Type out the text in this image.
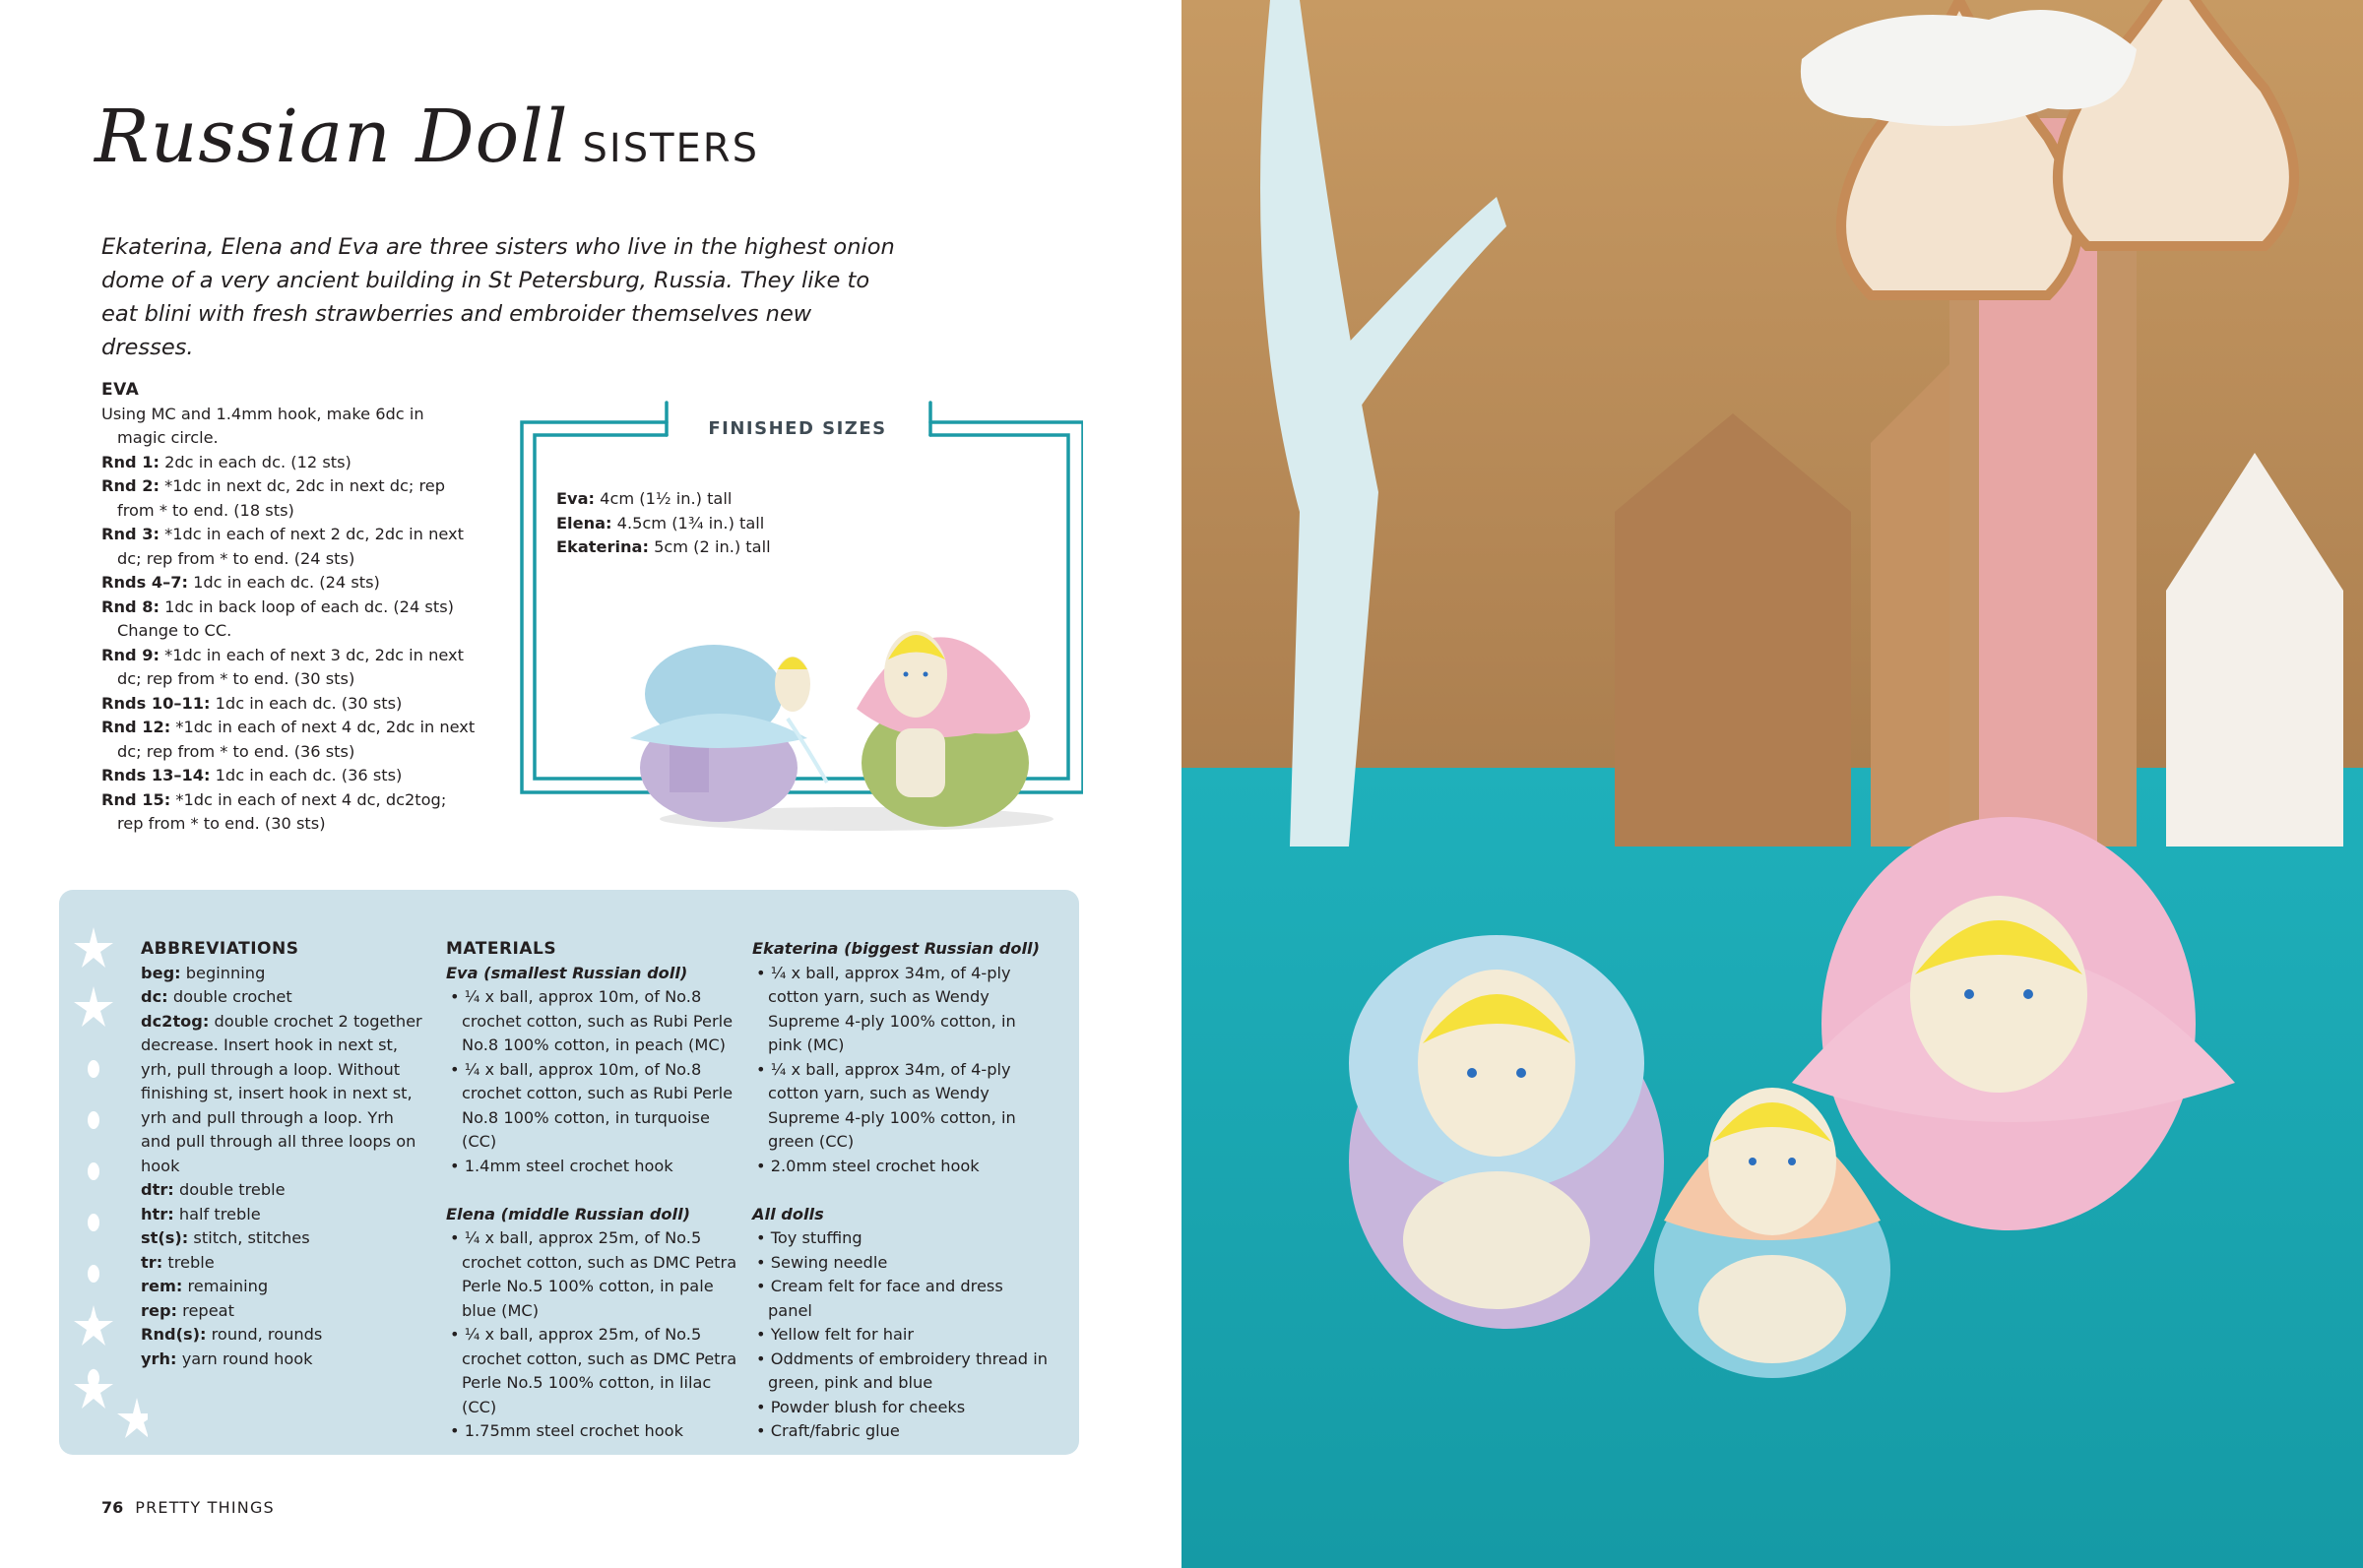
Russian Doll SISTERS
Ekaterina, Elena and Eva are three sisters who live in the highest onion dome of a very ancient building in St Petersburg, Russia. They like to eat blini with fresh strawberries and embroider themselves new dresses.
EVA
Using MC and 1.4mm hook, make 6dc in magic circle.
Rnd 1: 2dc in each dc. (12 sts)
Rnd 2: *1dc in next dc, 2dc in next dc; rep from * to end. (18 sts)
Rnd 3: *1dc in each of next 2 dc, 2dc in next dc; rep from * to end. (24 sts)
Rnds 4–7: 1dc in each dc. (24 sts)
Rnd 8: 1dc in back loop of each dc. (24 sts) Change to CC.
Rnd 9: *1dc in each of next 3 dc, 2dc in next dc; rep from * to end. (30 sts)
Rnds 10–11: 1dc in each dc. (30 sts)
Rnd 12: *1dc in each of next 4 dc, 2dc in next dc; rep from * to end. (36 sts)
Rnds 13–14: 1dc in each dc. (36 sts)
Rnd 15: *1dc in each of next 4 dc, dc2tog; rep from * to end. (30 sts)
FINISHED SIZES
Eva: 4cm (1½ in.) tall
Elena: 4.5cm (1¾ in.) tall
Ekaterina: 5cm (2 in.) tall
ABBREVIATIONS
beg: beginning
dc: double crochet
dc2tog: double crochet 2 together decrease. Insert hook in next st, yrh, pull through a loop. Without finishing st, insert hook in next st, yrh and pull through a loop. Yrh and pull through all three loops on hook
dtr: double treble
htr: half treble
st(s): stitch, stitches
tr: treble
rem: remaining
rep: repeat
Rnd(s): round, rounds
yrh: yarn round hook
MATERIALS
Eva (smallest Russian doll)
• ¼ x ball, approx 10m, of No.8 crochet cotton, such as Rubi Perle No.8 100% cotton, in peach (MC)
• ¼ x ball, approx 10m, of No.8 crochet cotton, such as Rubi Perle No.8 100% cotton, in turquoise (CC)
• 1.4mm steel crochet hook
Elena (middle Russian doll)
• ¼ x ball, approx 25m, of No.5 crochet cotton, such as DMC Petra Perle No.5 100% cotton, in pale blue (MC)
• ¼ x ball, approx 25m, of No.5 crochet cotton, such as DMC Petra Perle No.5 100% cotton, in lilac (CC)
• 1.75mm steel crochet hook
Ekaterina (biggest Russian doll)
• ¼ x ball, approx 34m, of 4-ply cotton yarn, such as Wendy Supreme 4-ply 100% cotton, in pink (MC)
• ¼ x ball, approx 34m, of 4-ply cotton yarn, such as Wendy Supreme 4-ply 100% cotton, in green (CC)
• 2.0mm steel crochet hook
All dolls
• Toy stuffing
• Sewing needle
• Cream felt for face and dress panel
• Yellow felt for hair
• Oddments of embroidery thread in green, pink and blue
• Powder blush for cheeks
• Craft/fabric glue
76 PRETTY THINGS
